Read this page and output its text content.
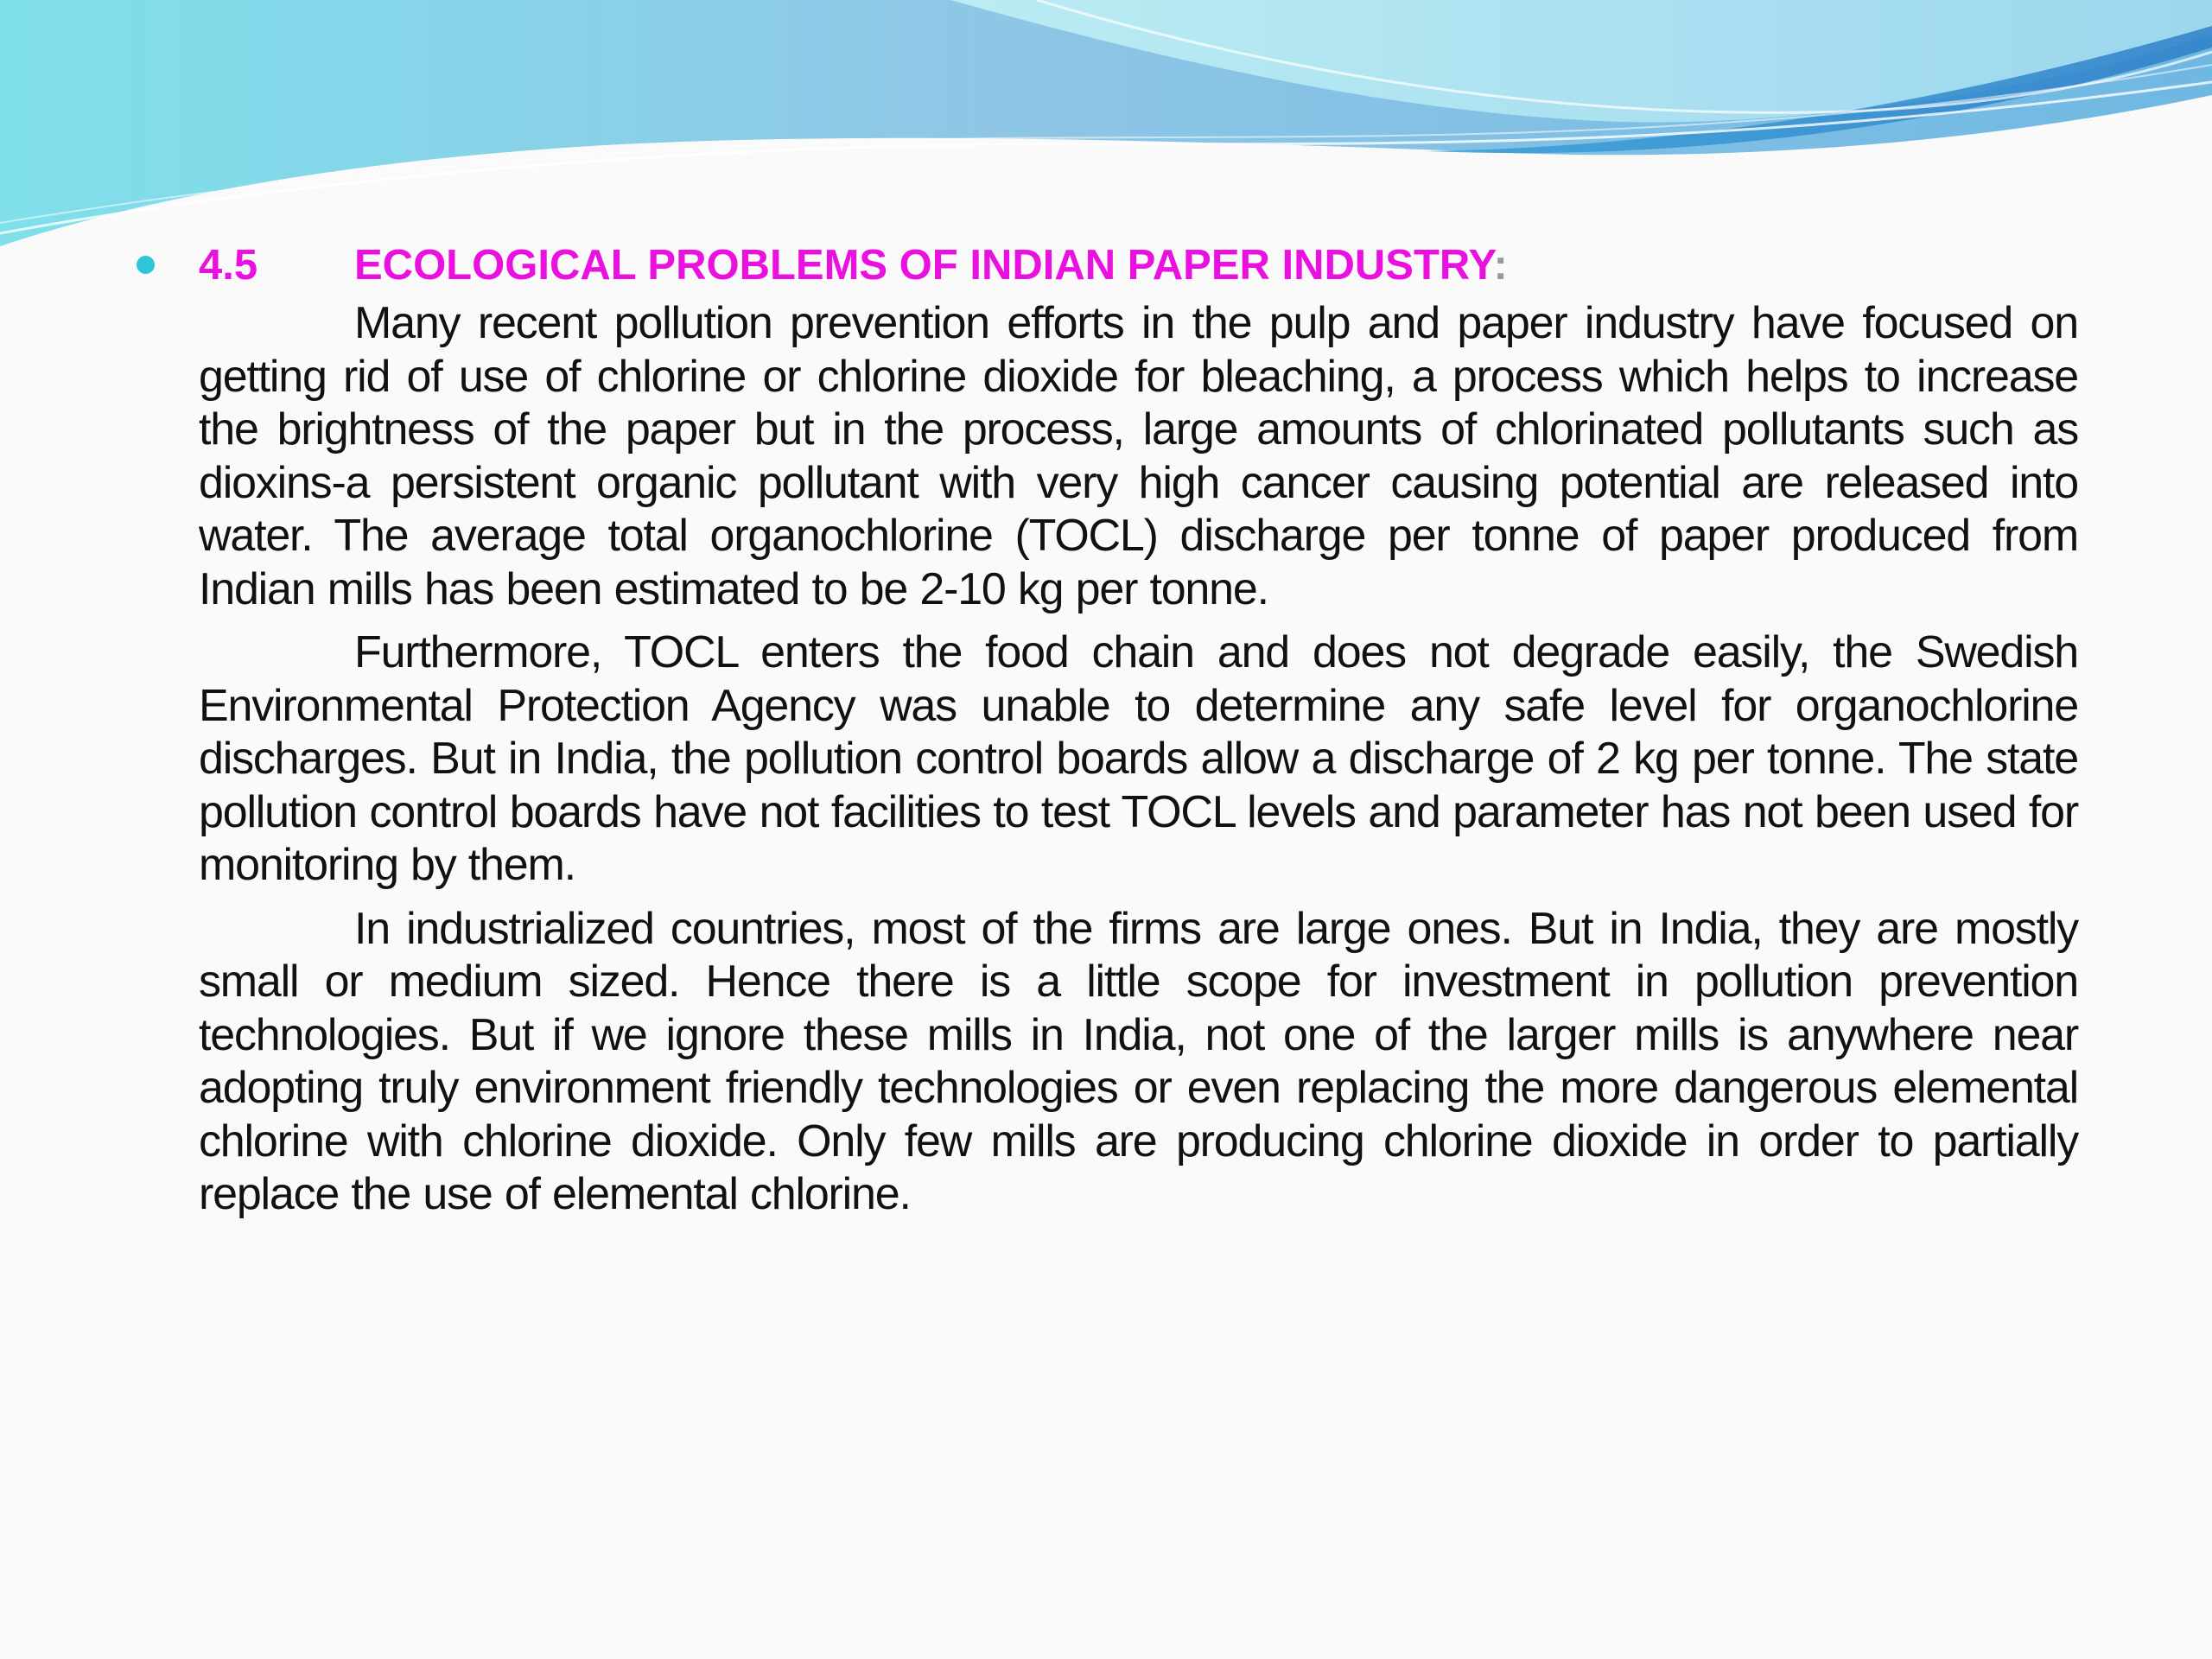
4.5 ECOLOGICAL PROBLEMS OF INDIAN PAPER INDUSTRY:

Many recent pollution prevention efforts in the pulp and paper industry have focused on getting rid of use of chlorine or chlorine dioxide for bleaching, a process which helps to increase the brightness of the paper but in the process, large amounts of chlorinated pollutants such as dioxins-a persistent organic pollutant with very high cancer causing potential are released into water. The average total organochlorine (TOCL) discharge per tonne of paper produced from Indian mills has been estimated to be 2-10 kg per tonne.

Furthermore, TOCL enters the food chain and does not degrade easily, the Swedish Environmental Protection Agency was unable to determine any safe level for organochlorine discharges. But in India, the pollution control boards allow a discharge of 2 kg per tonne. The state pollution control boards have not facilities to test TOCL levels and parameter has not been used for monitoring by them.

In industrialized countries, most of the firms are large ones. But in India, they are mostly small or medium sized. Hence there is a little scope for investment in pollution prevention technologies. But if we ignore these mills in India, not one of the larger mills is anywhere near adopting truly environment friendly technologies or even replacing the more dangerous elemental chlorine with chlorine dioxide. Only few mills are producing chlorine dioxide in order to partially replace the use of elemental chlorine.
